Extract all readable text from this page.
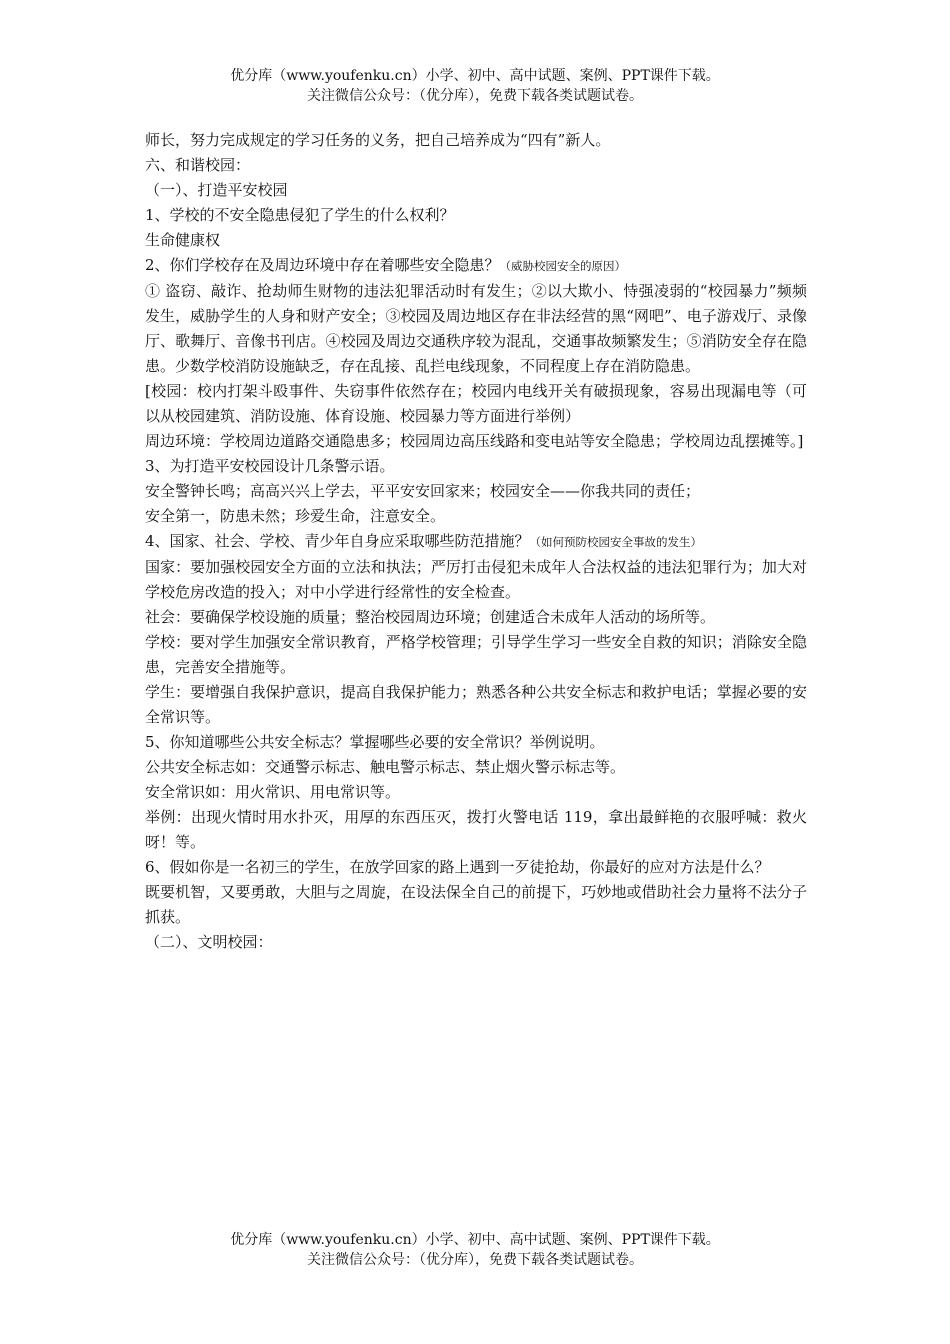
优分库（www.youfenku.cn）小学、初中、高中试题、案例、PPT课件下载。
关注微信公众号：（优分库），免费下载各类试题试卷。

师长，努力完成规定的学习任务的义务，把自己培养成为“四有”新人。

六、和谐校园：

（一）、打造平安校园

1、学校的不安全隐患侵犯了学生的什么权利？

生命健康权

2、你们学校存在及周边环境中存在着哪些安全隐患？（威胁校园安全的原因）

① 盗窃、敲诈、抢劫师生财物的违法犯罪活动时有发生；②以大欺小、恃强凌弱的“校园暴力”频频发生，威胁学生的人身和财产安全；③校园及周边地区存在非法经营的黑“网吧”、电子游戏厅、录像厅、歌舞厅、音像书刊店。④校园及周边交通秩序较为混乱，交通事故频繁发生；⑤消防安全存在隐患。少数学校消防设施缺乏，存在乱接、乱拦电线现象，不同程度上存在消防隐患。

[校园：校内打架斗殴事件、失窃事件依然存在；校园内电线开关有破损现象，容易出现漏电等（可以从校园建筑、消防设施、体育设施、校园暴力等方面进行举例）

周边环境：学校周边道路交通隐患多；校园周边高压线路和变电站等安全隐患；学校周边乱摆摊等。]

3、为打造平安校园设计几条警示语。

安全警钟长鸣；高高兴兴上学去，平平安安回家来；校园安全——你我共同的责任；

安全第一，防患未然；珍爱生命，注意安全。

4、国家、社会、学校、青少年自身应采取哪些防范措施？（如何预防校园安全事故的发生）

国家：要加强校园安全方面的立法和执法；严厉打击侵犯未成年人合法权益的违法犯罪行为；加大对学校危房改造的投入；对中小学进行经常性的安全检查。

社会：要确保学校设施的质量；整治校园周边环境；创建适合未成年人活动的场所等。

学校：要对学生加强安全常识教育，严格学校管理；引导学生学习一些安全自救的知识；消除安全隐患，完善安全措施等。

学生：要增强自我保护意识，提高自我保护能力；熟悉各种公共安全标志和救护电话；掌握必要的安全常识等。

5、你知道哪些公共安全标志？掌握哪些必要的安全常识？举例说明。

公共安全标志如：交通警示标志、触电警示标志、禁止烟火警示标志等。

安全常识如：用火常识、用电常识等。

举例：出现火情时用水扑灭，用厚的东西压灭，拨打火警电话 119，拿出最鲜艳的衣服呼喊：救火呀！等。

6、假如你是一名初三的学生，在放学回家的路上遇到一歹徒抢劫，你最好的应对方法是什么？

既要机智，又要勇敢，大胆与之周旋，在设法保全自己的前提下，巧妙地或借助社会力量将不法分子抓获。

（二）、文明校园：

优分库（www.youfenku.cn）小学、初中、高中试题、案例、PPT课件下载。
关注微信公众号：（优分库），免费下载各类试题试卷。
